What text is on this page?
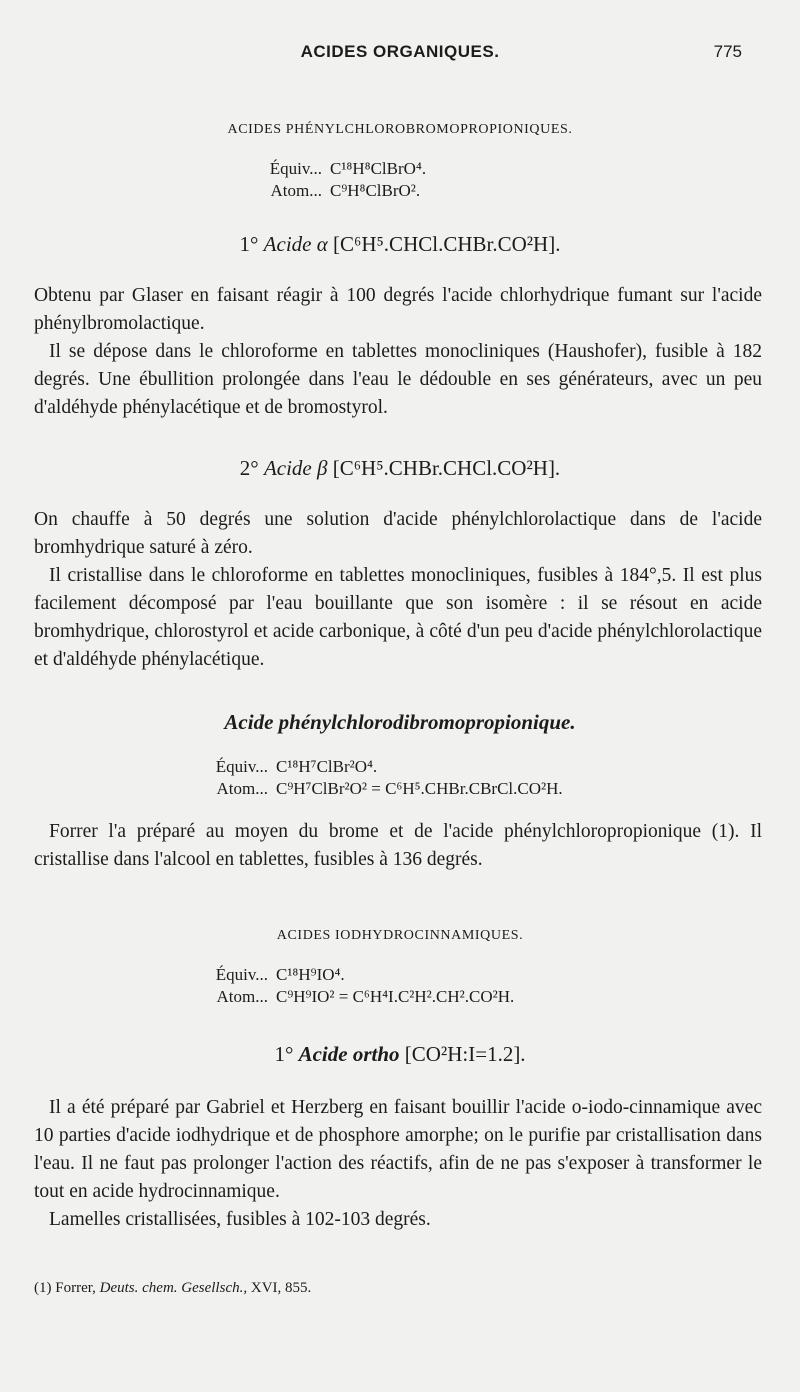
ACIDES ORGANIQUES.	775
ACIDES PHÉNYLCHLOROBROMOPROPIONIQUES.
Équiv... C¹⁸H⁸ClBrO⁴.
Atom... C⁹H⁸ClBrO².
1° Acide α [C⁶H⁵.CHCl.CHBr.CO²H].

Obtenu par Glaser en faisant réagir à 100 degrés l'acide chlorhydrique fumant sur l'acide phénylbromolactique.

Il se dépose dans le chloroforme en tablettes monocliniques (Haushofer), fusible à 182 degrés. Une ébullition prolongée dans l'eau le dédouble en ses générateurs, avec un peu d'aldéhyde phénylacétique et de bromostyrol.

2° Acide β [C⁶H⁵.CHBr.CHCl.CO²H].

On chauffe à 50 degrés une solution d'acide phénylchlorolactique dans de l'acide bromhydrique saturé à zéro.

Il cristallise dans le chloroforme en tablettes monocliniques, fusibles à 184°,5. Il est plus facilement décomposé par l'eau bouillante que son isomère : il se résout en acide bromhydrique, chlorostyrol et acide carbonique, à côté d'un peu d'acide phénylchlorolactique et d'aldéhyde phénylacétique.

Acide phénylchlorodibromopropionique.
Équiv... C¹⁸H⁷ClBr²O⁴.
Atom... C⁹H⁷ClBr²O² = C⁶H⁵.CHBr.CBrCl.CO²H.

Forrer l'a préparé au moyen du brome et de l'acide phénylchloropropionique (1). Il cristallise dans l'alcool en tablettes, fusibles à 136 degrés.

ACIDES IODHYDROCINNAMIQUES.
Équiv... C¹⁸H⁹IO⁴.
Atom... C⁹H⁹IO² = C⁶H⁴I.C²H².CH².CO²H.
1° Acide ortho [CO²H:I=1.2].

Il a été préparé par Gabriel et Herzberg en faisant bouillir l'acide o-iodo-cinnamique avec 10 parties d'acide iodhydrique et de phosphore amorphe; on le purifie par cristallisation dans l'eau. Il ne faut pas prolonger l'action des réactifs, afin de ne pas s'exposer à transformer le tout en acide hydrocinnamique.

Lamelles cristallisées, fusibles à 102-103 degrés.

(1) Forrer, Deuts. chem. Gesellsch., XVI, 855.
